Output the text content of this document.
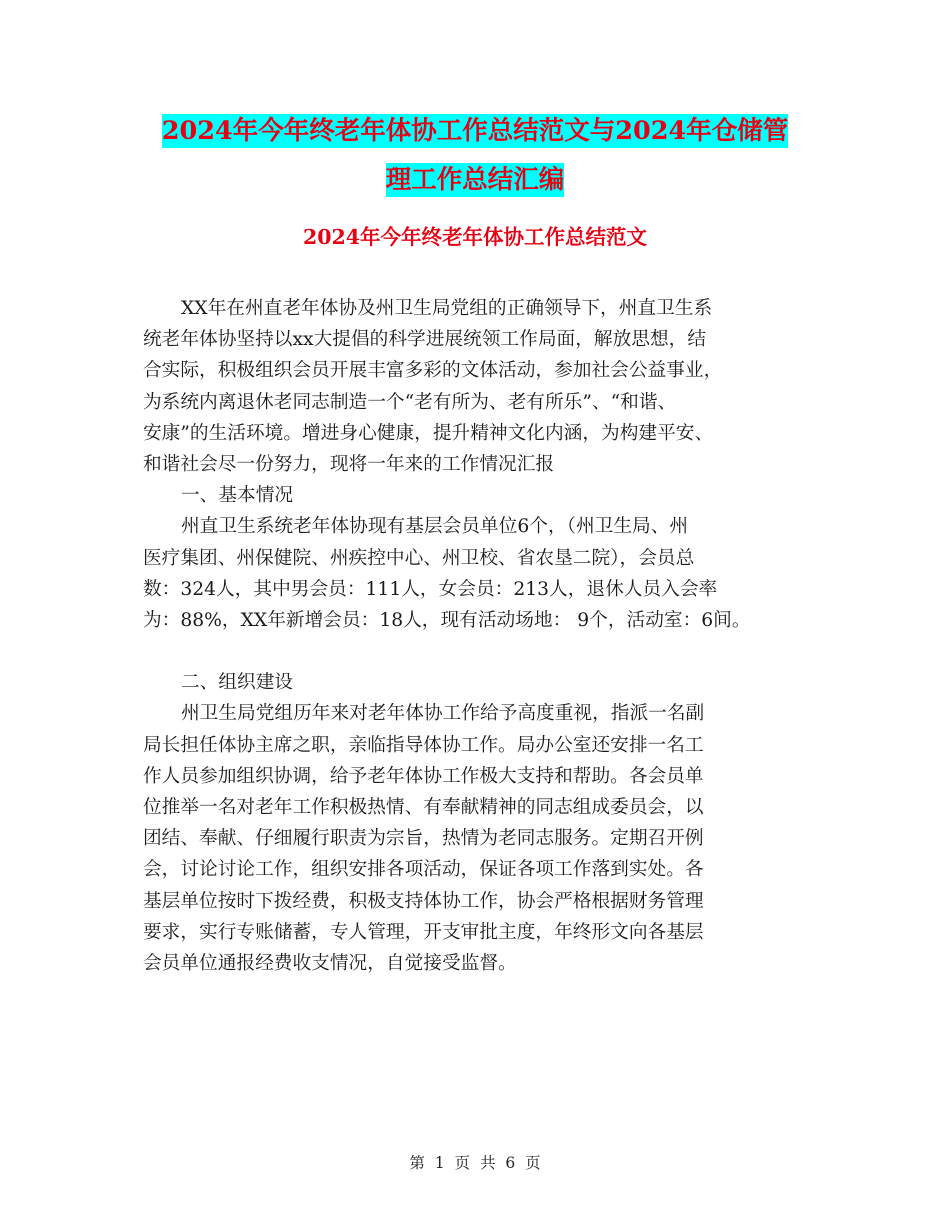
2024年今年终老年体协工作总结范文与2024年仓储管
理工作总结汇编
2024年今年终老年体协工作总结范文

XX年在州直老年体协及州卫生局党组的正确领导下，州直卫生系

统老年体协坚持以xx大提倡的科学进展统领工作局面，解放思想，结

合实际，积极组织会员开展丰富多彩的文体活动，参加社会公益事业，

为系统内离退休老同志制造一个“老有所为、老有所乐”、“和谐、

安康”的生活环境。增进身心健康，提升精神文化内涵，为构建平安、

和谐社会尽一份努力，现将一年来的工作情况汇报

一、基本情况

州直卫生系统老年体协现有基层会员单位6个，（州卫生局、州

医疗集团、州保健院、州疾控中心、州卫校、省农垦二院），会员总

数：324人，其中男会员：111人，女会员：213人，退休人员入会率

为：88%，XX年新增会员：18人，现有活动场地： 9个，活动室：6间。

二、组织建设

州卫生局党组历年来对老年体协工作给予高度重视，指派一名副

局长担任体协主席之职，亲临指导体协工作。局办公室还安排一名工

作人员参加组织协调，给予老年体协工作极大支持和帮助。各会员单

位推举一名对老年工作积极热情、有奉献精神的同志组成委员会，以

团结、奉献、仔细履行职责为宗旨，热情为老同志服务。定期召开例

会，讨论讨论工作，组织安排各项活动，保证各项工作落到实处。各

基层单位按时下拨经费，积极支持体协工作，协会严格根据财务管理

要求，实行专账储蓄，专人管理，开支审批主度，年终形文向各基层

会员单位通报经费收支情况，自觉接受监督。

第 1 页 共 6 页
